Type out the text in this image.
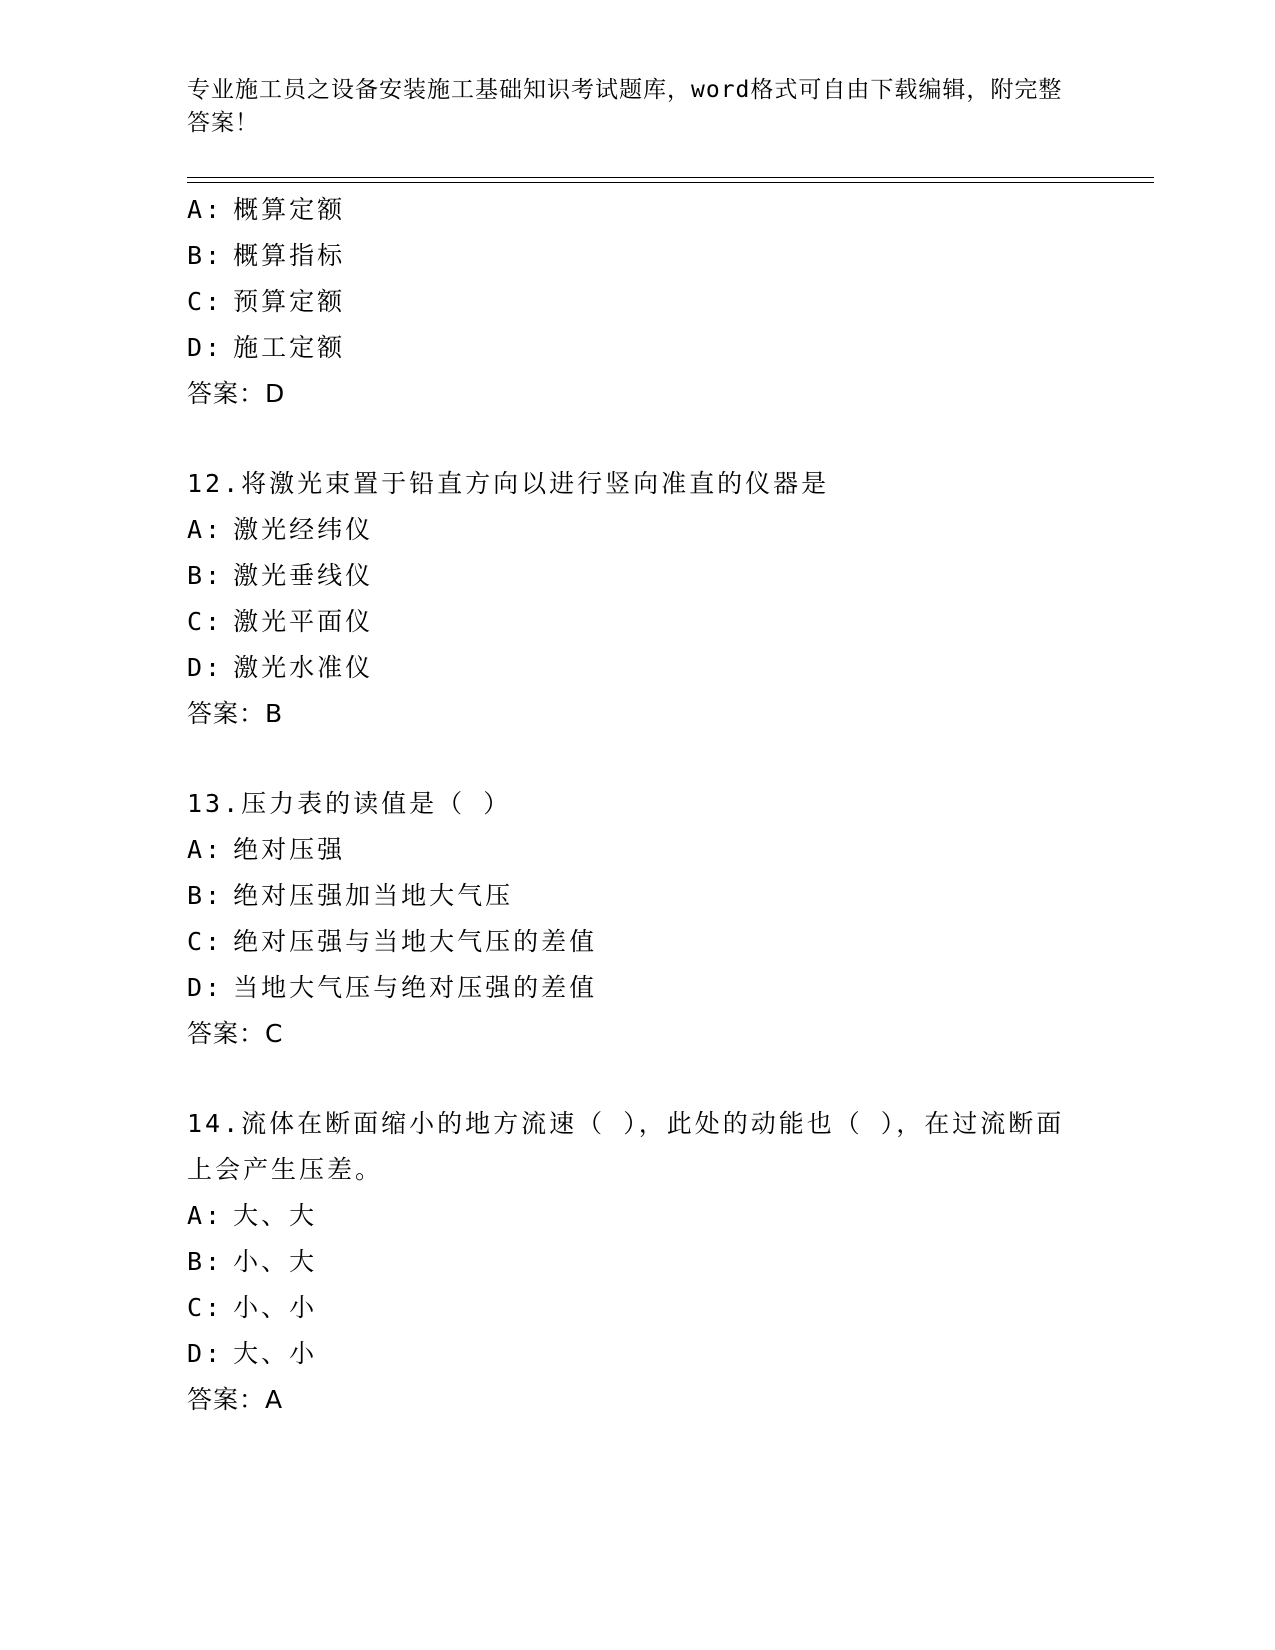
专业施工员之设备安装施工基础知识考试题库，word格式可自由下载编辑，附完整答案！

A: 概算定额
B: 概算指标
C: 预算定额
D: 施工定额
答案：D
12.将激光束置于铅直方向以进行竖向准直的仪器是
A: 激光经纬仪
B: 激光垂线仪
C: 激光平面仪
D: 激光水准仪
答案：B
13.压力表的读值是（ ）
A: 绝对压强
B: 绝对压强加当地大气压
C: 绝对压强与当地大气压的差值
D: 当地大气压与绝对压强的差值
答案：C
14.流体在断面缩小的地方流速（ ），此处的动能也（ ），在过流断面上会产生压差。
A: 大、大
B: 小、大
C: 小、小
D: 大、小
答案：A
